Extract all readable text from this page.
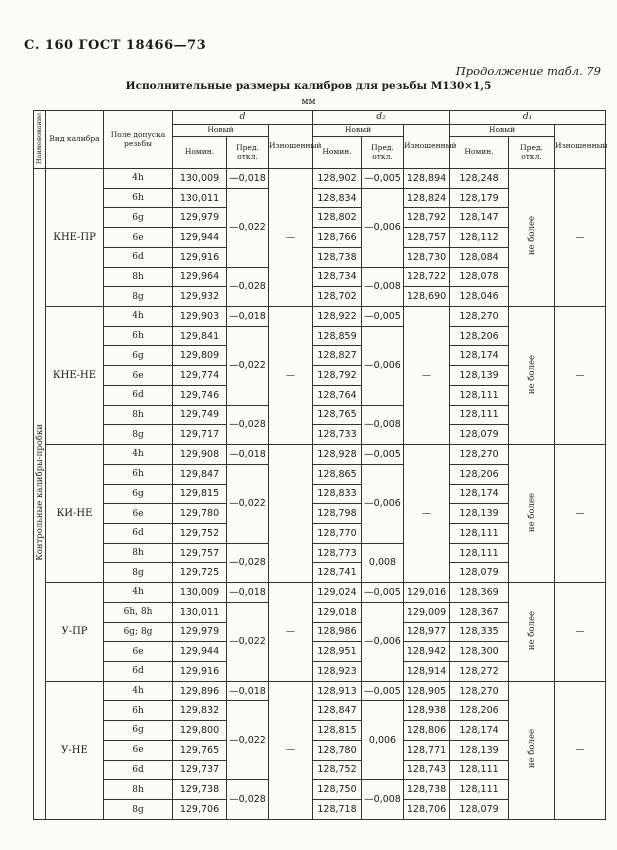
С. 160 ГОСТ 18466—73
Продолжение табл. 79
Исполнительные размеры калибров для резьбы M130×1,5
мм
Наименование	Вид калибра	Поле допуска резьбы	d			d₂			d₁		
			Новый		Изношенный	Новый		Изношенный	Новый		Изношенный
			Номин.	Пред. откл.		Номин.	Пред. откл.		Номин.	Пред. откл.	
Контрольные калибры-пробки	КНЕ-ПР	4h	130,009	—0,018	—	128,902	—0,005	128,894	128,248	не более	—
		6h	130,011	—0,022		128,834	—0,006	128,824	128,179		
		6g	129,979			128,802		128,792	128,147		
		6e	129,944			128,766		128,757	128,112		
		6d	129,916			128,738		128,730	128,084		
		8h	129,964	—0,028		128,734	—0,008	128,722	128,078		
		8g	129,932			128,702		128,690	128,046		
	КНЕ-НЕ	4h	129,903	—0,018	—	128,922	—0,005	—	128,270	не более	—
		6h	129,841	—0,022		128,859	—0,006		128,206		
		6g	129,809			128,827			128,174		
		6e	129,774			128,792			128,139		
		6d	129,746			128,764			128,111		
		8h	129,749	—0,028		128,765	—0,008		128,111		
		8g	129,717			128,733			128,079		
	КИ-НЕ	4h	129,908	—0,018		128,928	—0,005	—	128,270	не более	—
		6h	129,847	—0,022		128,865	—0,006		128,206		
		6g	129,815			128,833			128,174		
		6e	129,780			128,798			128,139		
		6d	129,752			128,770			128,111		
		8h	129,757	—0,028		128,773	0,008		128,111		
		8g	129,725			128,741			128,079		
	У-ПР	4h	130,009	—0,018	—	129,024	—0,005	129,016	128,369	не более	—
		6h, 8h	130,011	—0,022		129,018	—0,006	129,009	128,367		
		6g; 8g	129,979			128,986		128,977	128,335		
		6e	129,944			128,951		128,942	128,300		
		6d	129,916			128,923		128,914	128,272		
	У-НЕ	4h	129,896	—0,018	—	128,913	—0,005	128,905	128,270	не более	—
		6h	129,832	—0,022		128,847	0,006	128,938	128,206		
		6g	129,800			128,815		128,806	128,174		
		6e	129,765			128,780		128,771	128,139		
		6d	129,737			128,752		128,743	128,111		
		8h	129,738	—0,028		128,750	—0,008	128,738	128,111		
		8g	129,706			128,718		128,706	128,079		
